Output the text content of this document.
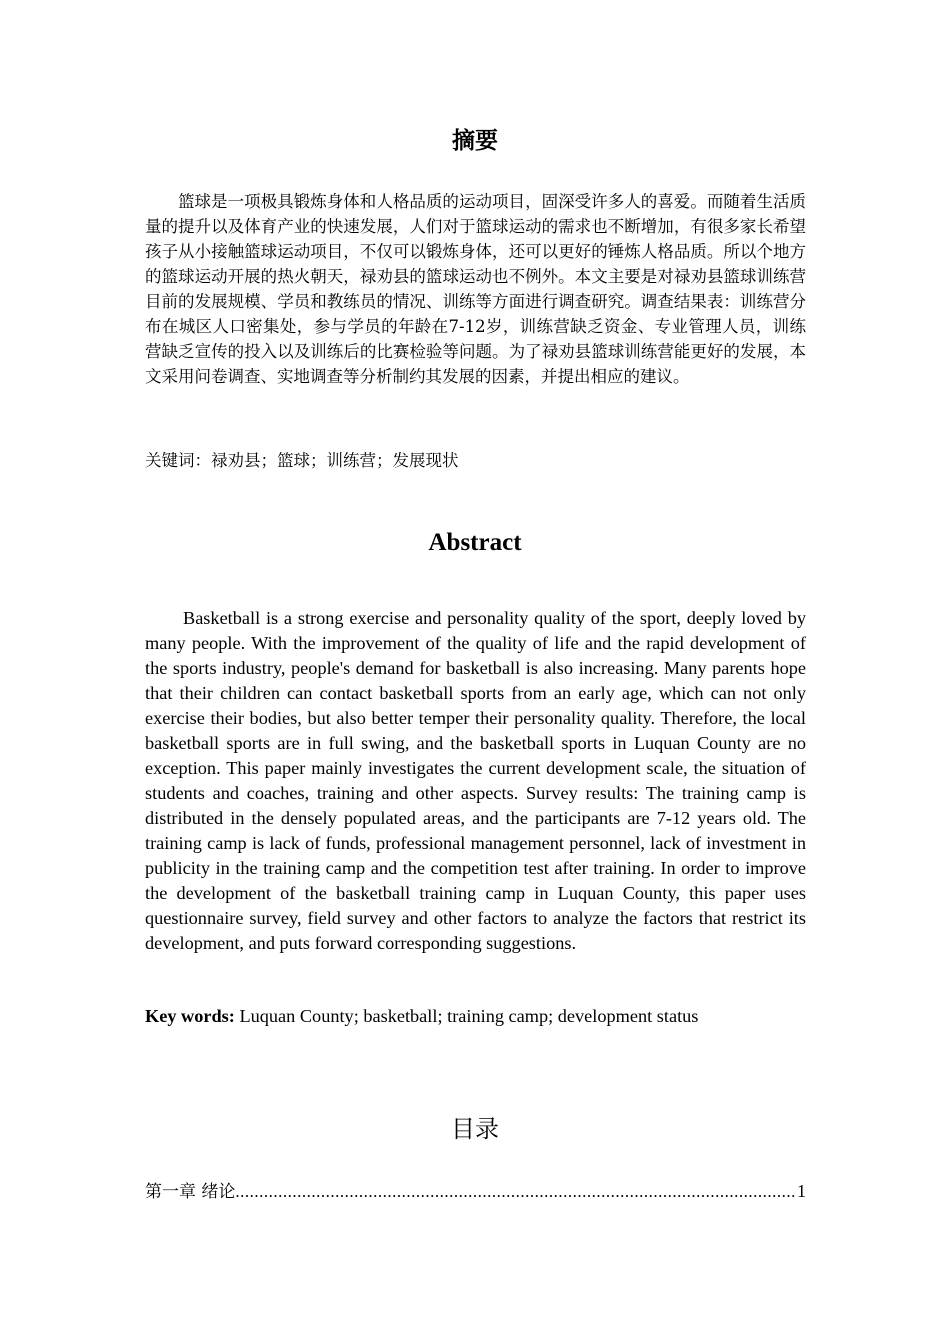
摘要

篮球是一项极具锻炼身体和人格品质的运动项目，固深受许多人的喜爱。而随着生活质量的提升以及体育产业的快速发展，人们对于篮球运动的需求也不断增加，有很多家长希望孩子从小接触篮球运动项目，不仅可以锻炼身体，还可以更好的锤炼人格品质。所以个地方的篮球运动开展的热火朝天，禄劝县的篮球运动也不例外。本文主要是对禄劝县篮球训练营目前的发展规模、学员和教练员的情况、训练等方面进行调查研究。调查结果表：训练营分布在城区人口密集处，参与学员的年龄在7-12岁，训练营缺乏资金、专业管理人员，训练营缺乏宣传的投入以及训练后的比赛检验等问题。为了禄劝县篮球训练营能更好的发展，本文采用问卷调查、实地调查等分析制约其发展的因素，并提出相应的建议。

关键词：禄劝县；篮球；训练营；发展现状

Abstract

Basketball is a strong exercise and personality quality of the sport, deeply loved by many people. With the improvement of the quality of life and the rapid development of the sports industry, people's demand for basketball is also increasing. Many parents hope that their children can contact basketball sports from an early age, which can not only exercise their bodies, but also better temper their personality quality. Therefore, the local basketball sports are in full swing, and the basketball sports in Luquan County are no exception. This paper mainly investigates the current development scale, the situation of students and coaches, training and other aspects. Survey results: The training camp is distributed in the densely populated areas, and the participants are 7-12 years old. The training camp is lack of funds, professional management personnel, lack of investment in publicity in the training camp and the competition test after training. In order to improve the development of the basketball training camp in Luquan County, this paper uses questionnaire survey, field survey and other factors to analyze the factors that restrict its development, and puts forward corresponding suggestions.

Key words: Luquan County; basketball; training camp; development status

目录
第一章 绪论
.....	1
